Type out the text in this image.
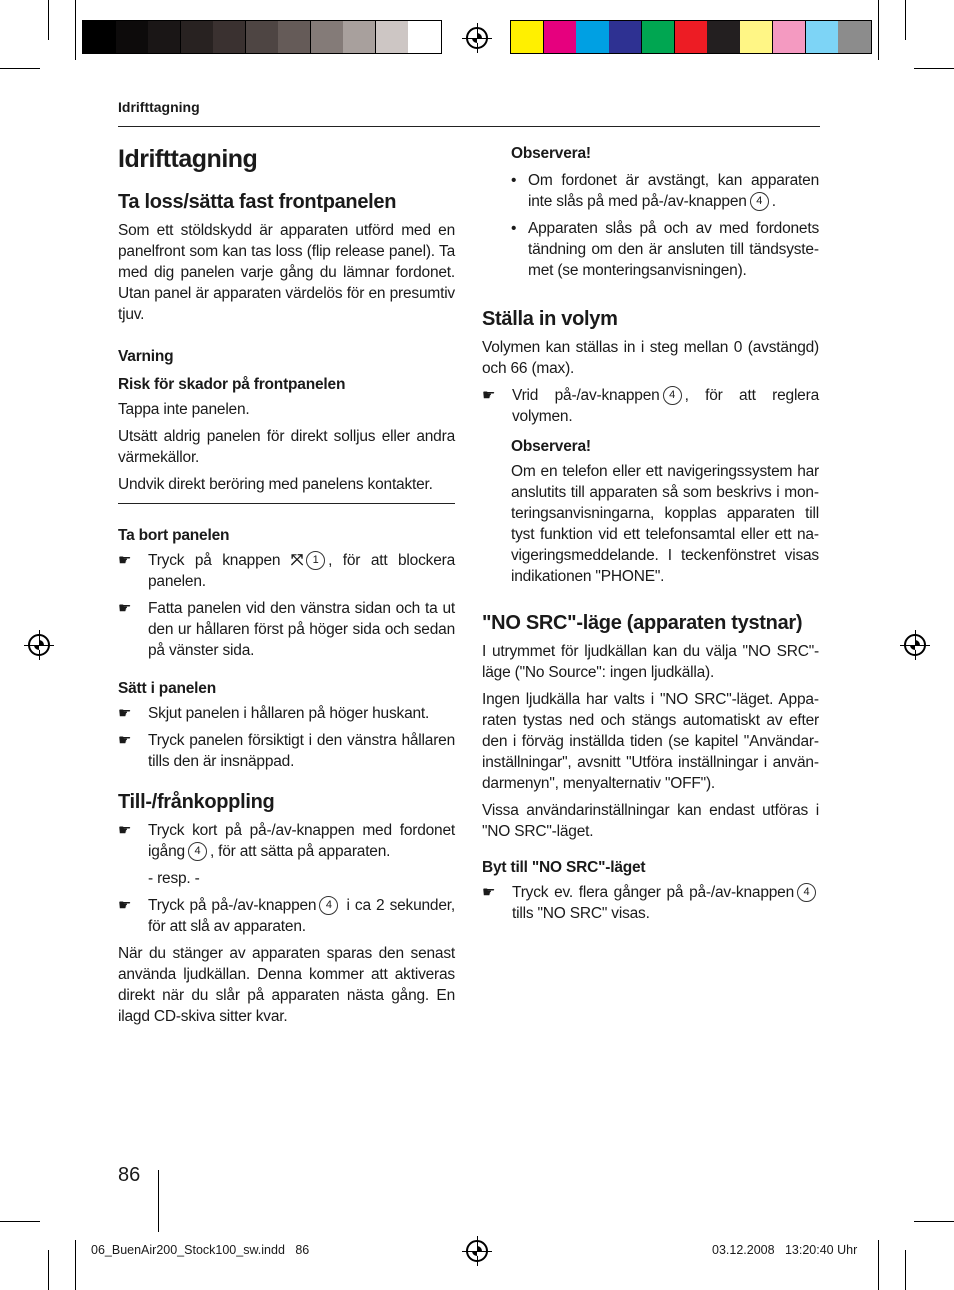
Idrifttagning
Idrifttagning
Ta loss/sätta fast frontpanelen

Som ett stöldskydd är apparaten utförd med en panelfront som kan tas loss (flip release panel). Ta med dig panelen varje gång du lämnar fordonet. Utan panel är apparaten värdelös för en presumtiv tjuv.

Varning
Risk för skador på frontpanelen

Tappa inte panelen.

Utsätt aldrig panelen för direkt solljus eller andra värmekällor.

Undvik direkt beröring med panelens kontakter.

Ta bort panelen
☛ Tryck på knappen ⤧ 1 , för att blockera panelen.
☛ Fatta panelen vid den vänstra sidan och ta ut den ur hållaren först på höger sida och sedan på vänster sida.
Sätt i panelen
☛ Skjut panelen i hållaren på höger huskant.
☛ Tryck panelen försiktigt i den vänstra hållaren tills den är insnäppad.
Till-/frånkoppling
☛ Tryck kort på på-/av-knappen med fordonet igång 4 , för att sätta på apparaten.

- resp. -

☛ Tryck på på-/av-knappen 4 i ca 2 sekunder, för att slå av apparaten.

När du stänger av apparaten sparas den senast använda ljudkällan. Denna kommer att aktiveras direkt när du slår på apparaten nästa gång. En ilagd CD-skiva sitter kvar.

Observera!
• Om fordonet är avstängt, kan apparaten inte slås på med på-/av-knappen 4 .
• Apparaten slås på och av med fordonets tändning om den är ansluten till tändsystemet (se monteringsanvisningen).
Ställa in volym

Volymen kan ställas in i steg mellan 0 (avstängd) och 66 (max).

☛ Vrid på-/av-knappen 4 , för att reglera volymen.
Observera!

Om en telefon eller ett navigeringssystem har anslutits till apparaten så som beskrivs i monteringsanvisningarna, kopplas apparaten till tyst funktion vid ett telefonsamtal eller ett navigeringsmeddelande. I teckenfönstret visas indikationen "PHONE".

"NO SRC"-läge (apparaten tystnar)

I utrymmet för ljudkällan kan du välja "NO SRC"-läge ("No Source": ingen ljudkälla).

Ingen ljudkälla har valts i "NO SRC"-läget. Apparaten tystas ned och stängs automatiskt av efter den i förväg inställda tiden (se kapitel "Användarinställningar", avsnitt "Utföra inställningar i användarmenyn", menyalternativ "OFF").

Vissa användarinställningar kan endast utföras i "NO SRC"-läget.

Byt till "NO SRC"-läget
☛ Tryck ev. flera gånger på på-/av-knappen 4 tills "NO SRC" visas.
86
06_BuenAir200_Stock100_sw.indd   86	03.12.2008   13:20:40 Uhr
